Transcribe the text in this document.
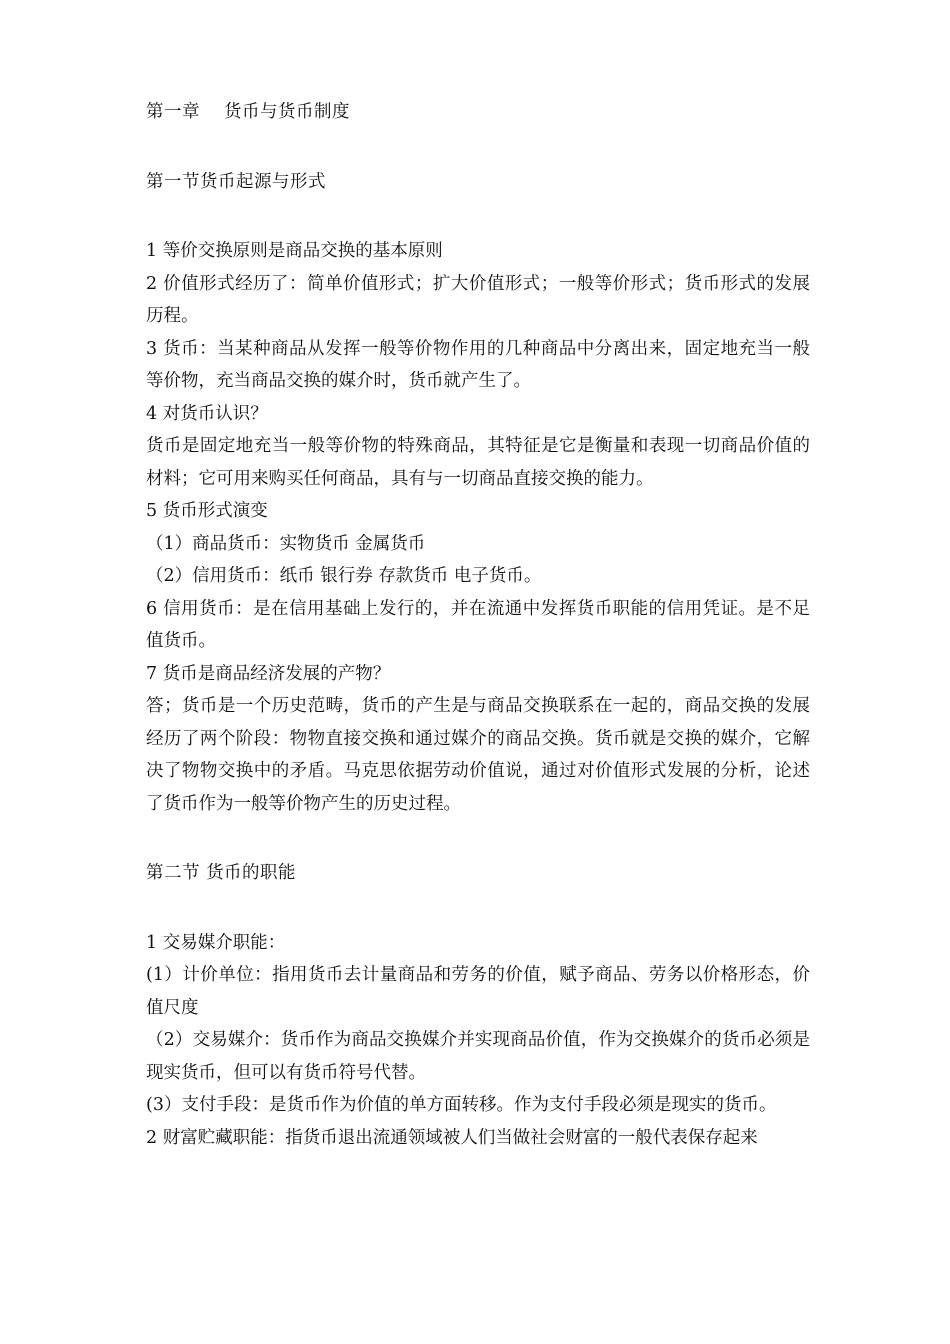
第一章　 货币与货币制度

第一节货币起源与形式

1 等价交换原则是商品交换的基本原则

2 价值形式经历了：简单价值形式；扩大价值形式；一般等价形式；货币形式的发展历程。

3 货币：当某种商品从发挥一般等价物作用的几种商品中分离出来，固定地充当一般等价物，充当商品交换的媒介时，货币就产生了。

4 对货币认识？

货币是固定地充当一般等价物的特殊商品，其特征是它是衡量和表现一切商品价值的材料；它可用来购买任何商品，具有与一切商品直接交换的能力。

5 货币形式演变

（1）商品货币：实物货币 金属货币

（2）信用货币：纸币 银行券 存款货币 电子货币。

6 信用货币：是在信用基础上发行的，并在流通中发挥货币职能的信用凭证。是不足值货币。

7 货币是商品经济发展的产物？

答；货币是一个历史范畴，货币的产生是与商品交换联系在一起的，商品交换的发展经历了两个阶段：物物直接交换和通过媒介的商品交换。货币就是交换的媒介，它解决了物物交换中的矛盾。马克思依据劳动价值说，通过对价值形式发展的分析，论述了货币作为一般等价物产生的历史过程。

第二节 货币的职能

1 交易媒介职能：

(1）计价单位：指用货币去计量商品和劳务的价值，赋予商品、劳务以价格形态，价值尺度

（2）交易媒介：货币作为商品交换媒介并实现商品价值，作为交换媒介的货币必须是现实货币，但可以有货币符号代替。

(3）支付手段：是货币作为价值的单方面转移。作为支付手段必须是现实的货币。

2 财富贮藏职能：指货币退出流通领域被人们当做社会财富的一般代表保存起来
